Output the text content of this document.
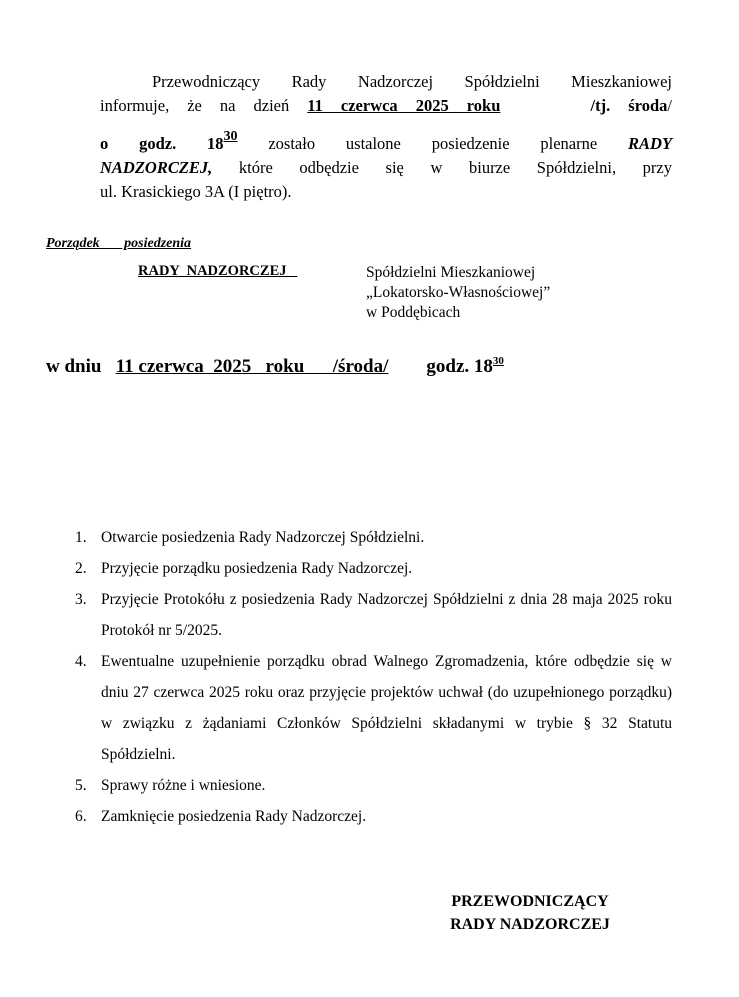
Przewodniczący Rady Nadzorczej Spółdzielni Mieszkaniowej
informuje, że na dzień 11 czerwca 2025 roku	/tj. środa/
o godz. $18^{30}$ zostało ustalone posiedzenie plenarne RADY
NADZORCZEJ, które odbędzie się w biurze Spółdzielni, przy
ul. Krasickiego 3A (I piętro).
Porządek       posiedzenia
RADY  NADZORCZEJ	Spółdzielni Mieszkaniowej
„Lokatorsko-Własnościowej”
w Poddębicach
w dniu   11 czerwca  2025   roku      /środa/ godz. $18^{30}$
1. Otwarcie posiedzenia Rady Nadzorczej Spółdzielni.
2. Przyjęcie porządku posiedzenia Rady Nadzorczej.
3. Przyjęcie Protokółu z posiedzenia Rady Nadzorczej Spółdzielni z dnia 28 maja 2025 roku Protokół nr 5/2025.
4. Ewentualne uzupełnienie porządku obrad Walnego Zgromadzenia, które odbędzie się w dniu 27 czerwca 2025 roku oraz przyjęcie projektów uchwał (do uzupełnionego porządku) w związku z żądaniami Członków Spółdzielni składanymi w trybie § 32 Statutu Spółdzielni.
5. Sprawy różne i wniesione.
6. Zamknięcie posiedzenia Rady Nadzorczej.
PRZEWODNICZĄCY
RADY NADZORCZEJ
